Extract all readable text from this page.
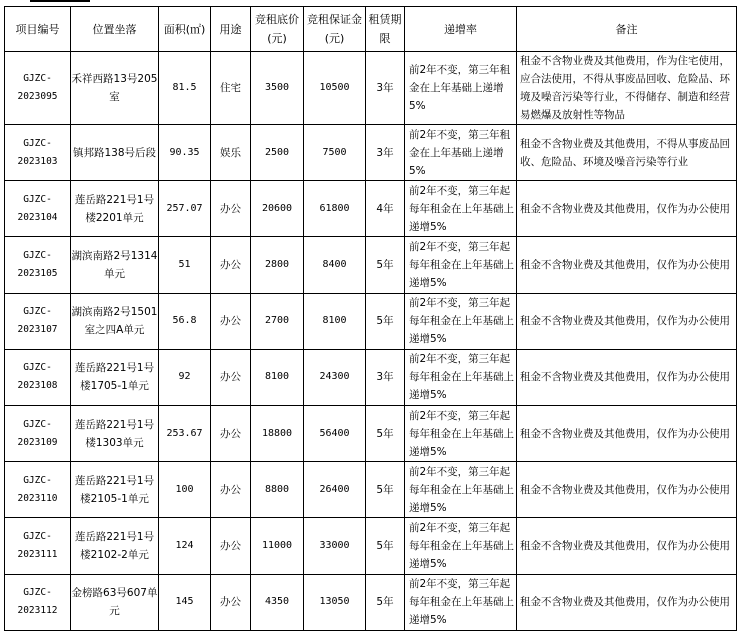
项目编号	位置坐落	面积(㎡)	用途	竞租底价(元)	竞租保证金(元)	租赁期限	递增率	备注
GJZC-2023095	禾祥西路13号205室	81.5	住宅	3500	10500	3年	前2年不变，第三年租金在上年基础上递增5%	租金不含物业费及其他费用，作为住宅使用，应合法使用，不得从事废品回收、危险品、环境及噪音污染等行业，不得储存、制造和经营易燃爆及放射性等物品
GJZC-2023103	镇邦路138号后段	90.35	娱乐	2500	7500	3年	前2年不变，第三年租金在上年基础上递增5%	租金不含物业费及其他费用，不得从事废品回收、危险品、环境及噪音污染等行业
GJZC-2023104	莲岳路221号1号楼2201单元	257.07	办公	20600	61800	4年	前2年不变，第三年起每年租金在上年基础上递增5%	租金不含物业费及其他费用，仅作为办公使用
GJZC-2023105	湖滨南路2号1314单元	51	办公	2800	8400	5年	前2年不变，第三年起每年租金在上年基础上递增5%	租金不含物业费及其他费用，仅作为办公使用
GJZC-2023107	湖滨南路2号1501室之四A单元	56.8	办公	2700	8100	5年	前2年不变，第三年起每年租金在上年基础上递增5%	租金不含物业费及其他费用，仅作为办公使用
GJZC-2023108	莲岳路221号1号楼1705-1单元	92	办公	8100	24300	3年	前2年不变，第三年起每年租金在上年基础上递增5%	租金不含物业费及其他费用，仅作为办公使用
GJZC-2023109	莲岳路221号1号楼1303单元	253.67	办公	18800	56400	5年	前2年不变，第三年起每年租金在上年基础上递增5%	租金不含物业费及其他费用，仅作为办公使用
GJZC-2023110	莲岳路221号1号楼2105-1单元	100	办公	8800	26400	5年	前2年不变，第三年起每年租金在上年基础上递增5%	租金不含物业费及其他费用，仅作为办公使用
GJZC-2023111	莲岳路221号1号楼2102-2单元	124	办公	11000	33000	5年	前2年不变，第三年起每年租金在上年基础上递增5%	租金不含物业费及其他费用，仅作为办公使用
GJZC-2023112	金榜路63号607单元	145	办公	4350	13050	5年	前2年不变，第三年起每年租金在上年基础上递增5%	租金不含物业费及其他费用，仅作为办公使用
